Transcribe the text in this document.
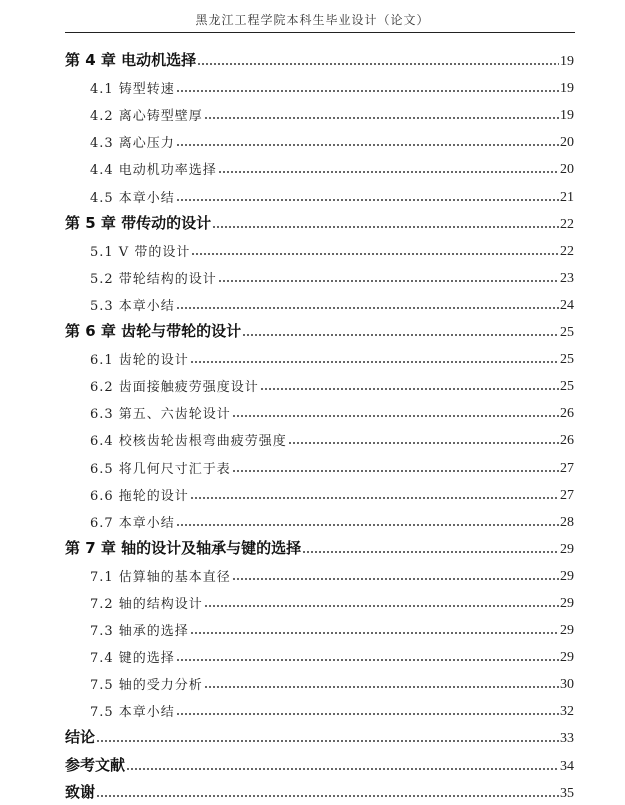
黑龙江工程学院本科生毕业设计（论文）
第 4 章 电动机选择	19
4.1 铸型转速	19
4.2 离心铸型壁厚	19
4.3 离心压力	20
4.4 电动机功率选择	20
4.5 本章小结	21
第 5 章 带传动的设计	22
5.1 V 带的设计	22
5.2 带轮结构的设计	23
5.3 本章小结	24
第 6 章 齿轮与带轮的设计	25
6.1 齿轮的设计	25
6.2 齿面接触疲劳强度设计	25
6.3 第五、六齿轮设计	26
6.4 校核齿轮齿根弯曲疲劳强度	26
6.5 将几何尺寸汇于表	27
6.6 拖轮的设计	27
6.7 本章小结	28
第 7 章 轴的设计及轴承与键的选择	29
7.1 估算轴的基本直径	29
7.2 轴的结构设计	29
7.3 轴承的选择	29
7.4 键的选择	29
7.5 轴的受力分析	30
7.5 本章小结	32
结论	33
参考文献	34
致谢	35
